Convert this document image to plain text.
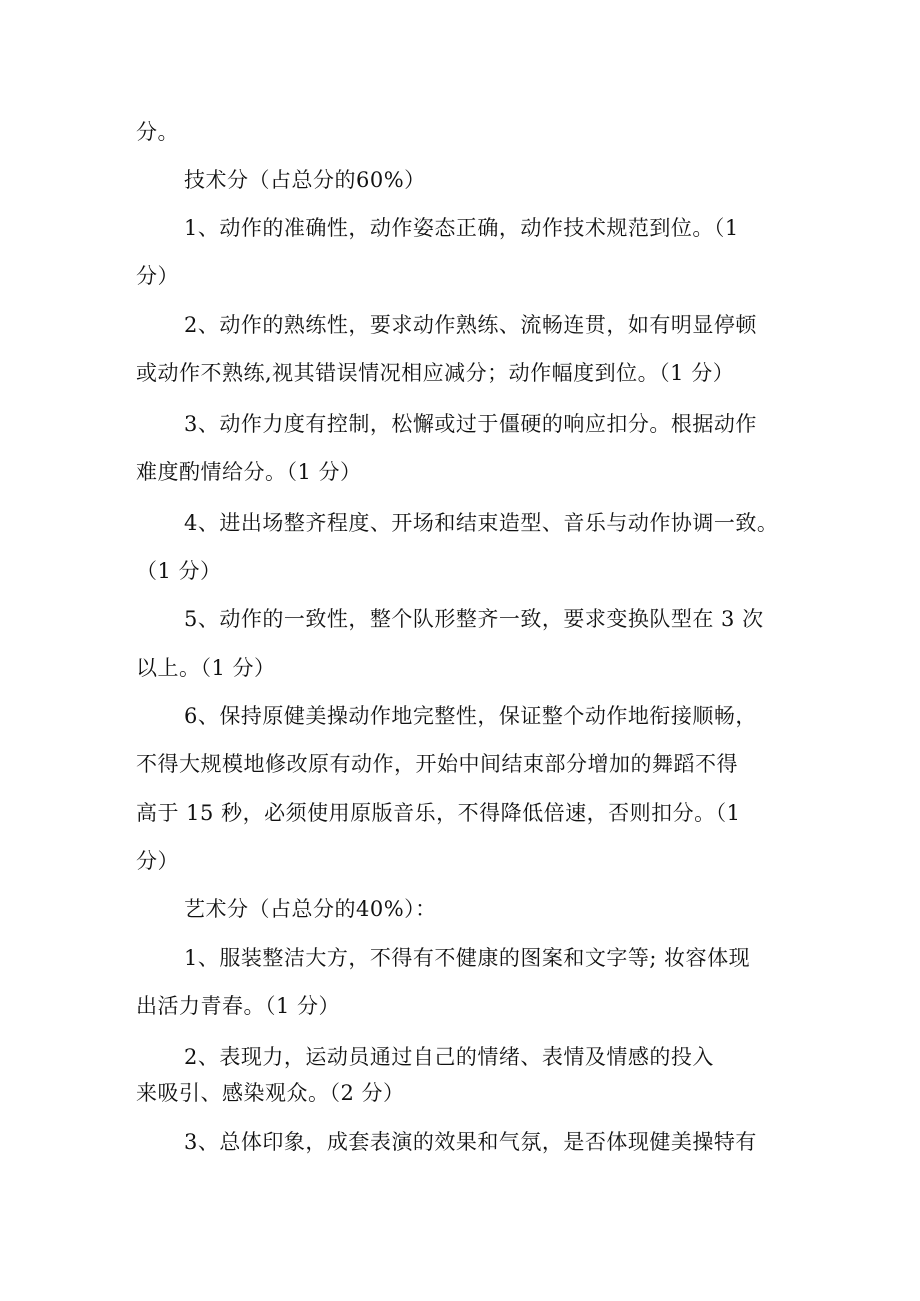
分。
技术分（占总分的60%）
1、动作的准确性，动作姿态正确，动作技术规范到位。（1
分）
2、动作的熟练性，要求动作熟练、流畅连贯，如有明显停顿
或动作不熟练,视其错误情况相应减分；动作幅度到位。（1 分）
3、动作力度有控制，松懈或过于僵硬的响应扣分。根据动作
难度酌情给分。（1 分）
4、进出场整齐程度、开场和结束造型、音乐与动作协调一致。
（1 分）
5、动作的一致性，整个队形整齐一致，要求变换队型在 3 次
以上。（1 分）
6、保持原健美操动作地完整性，保证整个动作地衔接顺畅，
不得大规模地修改原有动作，开始中间结束部分增加的舞蹈不得
高于 15 秒，必须使用原版音乐，不得降低倍速，否则扣分。（1
分）
艺术分（占总分的40%）：
1、服装整洁大方，不得有不健康的图案和文字等; 妆容体现
出活力青春。（1 分）
2、表现力，运动员通过自己的情绪、表情及情感的投入
来吸引、感染观众。（2 分）
3、总体印象，成套表演的效果和气氛，是否体现健美操特有
